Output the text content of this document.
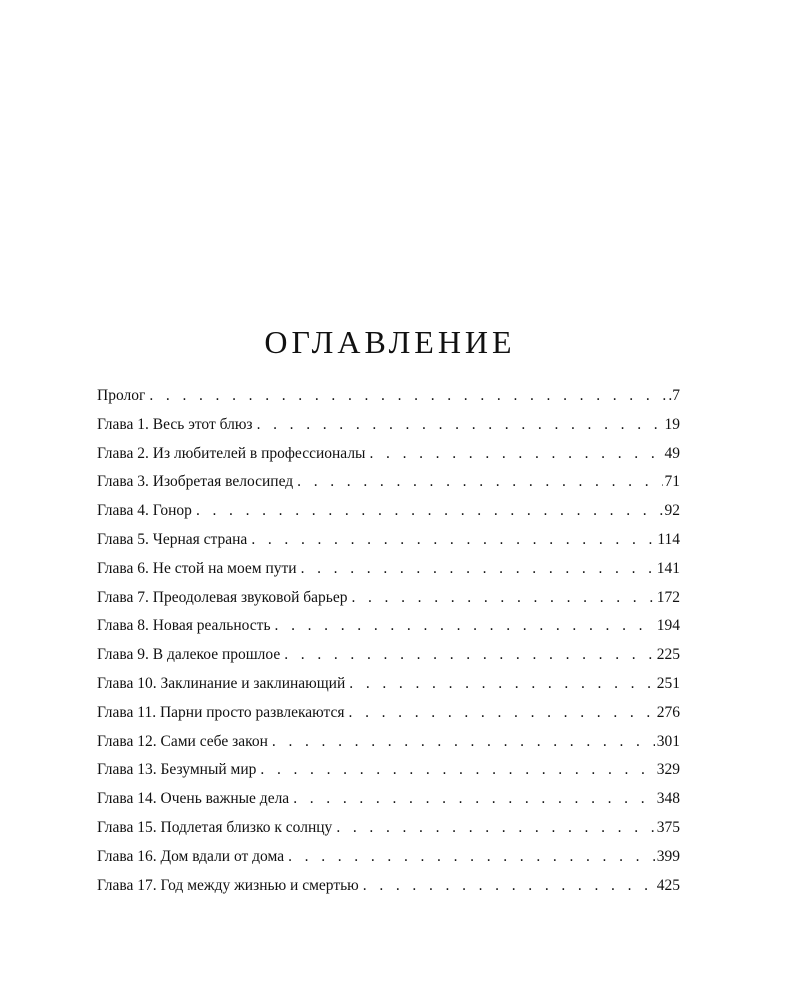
ОГЛАВЛЕНИЕ
Пролог . . .	.7
Глава 1. Весь этот блюз . . .	19
Глава 2. Из любителей в профессионалы . . .	49
Глава 3. Изобретая велосипед . . .	71
Глава 4. Гонор . . .	92
Глава 5. Черная страна . . .	114
Глава 6. Не стой на моем пути . . .	141
Глава 7. Преодолевая звуковой барьер . . .	172
Глава 8. Новая реальность . . .	194
Глава 9. В далекое прошлое . . .	225
Глава 10. Заклинание и заклинающий . . .	251
Глава 11. Парни просто развлекаются . . .	276
Глава 12. Сами себе закон . . .	301
Глава 13. Безумный мир . . .	329
Глава 14. Очень важные дела . . .	348
Глава 15. Подлетая близко к солнцу . . .	375
Глава 16. Дом вдали от дома . . .	399
Глава 17. Год между жизнью и смертью . . .	425
